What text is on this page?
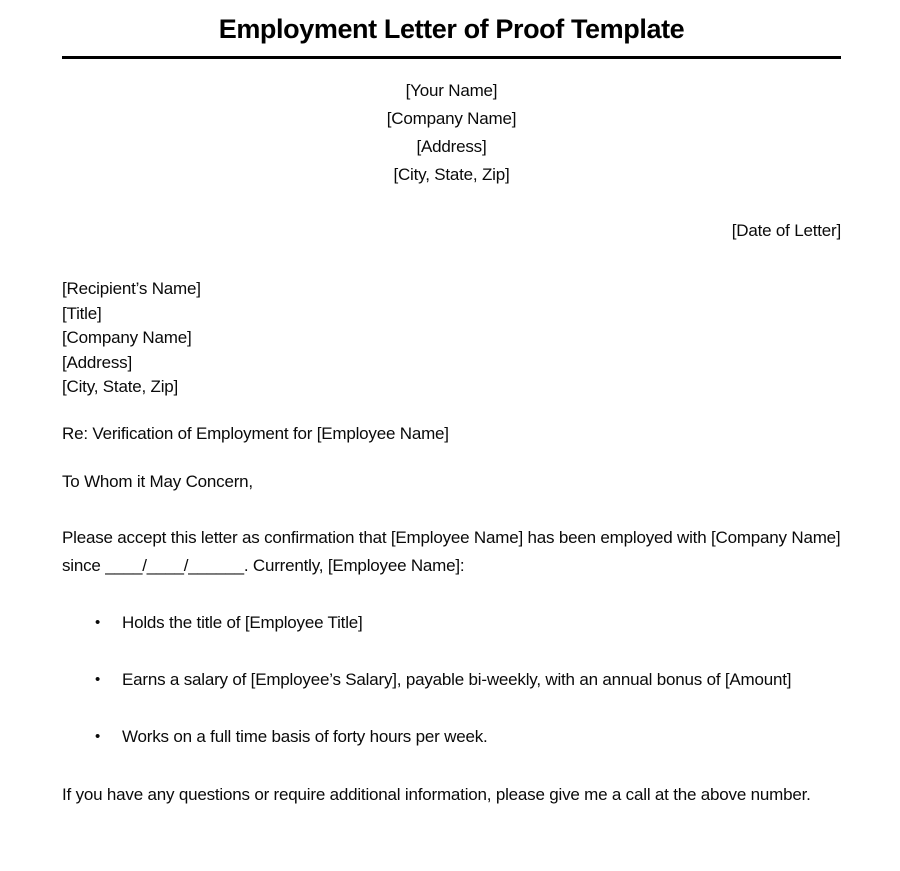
Employment Letter of Proof Template
[Your Name]
[Company Name]
[Address]
[City, State, Zip]
[Date of Letter]
[Recipient’s Name]
[Title]
[Company Name]
[Address]
[City, State, Zip]
Re: Verification of Employment for [Employee Name]
To Whom it May Concern,
Please accept this letter as confirmation that [Employee Name] has been employed with [Company Name] since ____/____/______. Currently, [Employee Name]:
• Holds the title of [Employee Title]
• Earns a salary of [Employee’s Salary], payable bi-weekly, with an annual bonus of [Amount]
• Works on a full time basis of forty hours per week.
If you have any questions or require additional information, please give me a call at the above number.
